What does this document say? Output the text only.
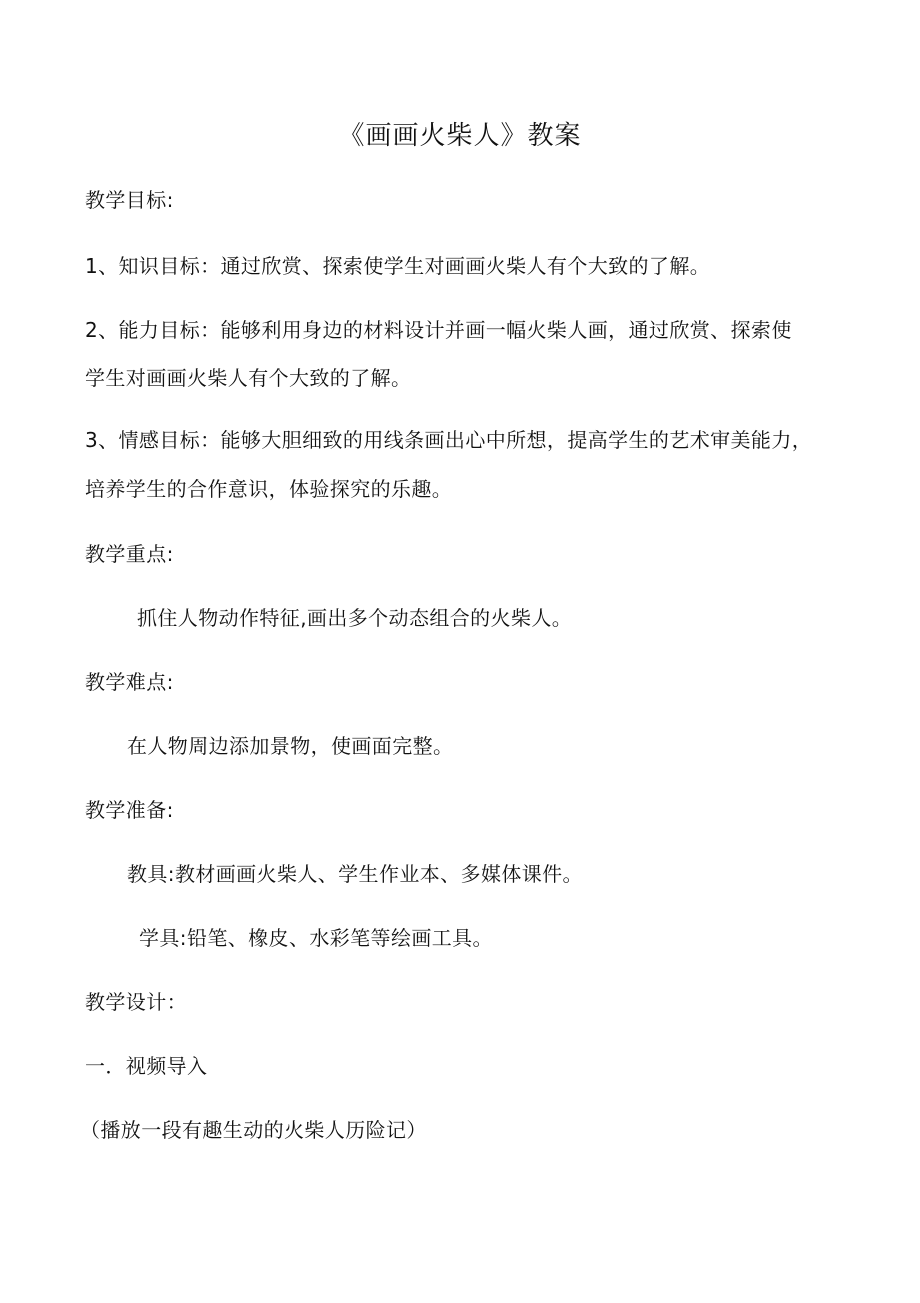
《画画火柴人》教案
教学目标:
1、知识目标：通过欣赏、探索使学生对画画火柴人有个大致的了解。
2、能力目标：能够利用身边的材料设计并画一幅火柴人画，通过欣赏、探索使
学生对画画火柴人有个大致的了解。
3、情感目标：能够大胆细致的用线条画出心中所想，提高学生的艺术审美能力，
培养学生的合作意识，体验探究的乐趣。
教学重点:
抓住人物动作特征,画出多个动态组合的火柴人。
教学难点:
在人物周边添加景物，使画面完整。
教学准备:
教具:教材画画火柴人、学生作业本、多媒体课件。
学具:铅笔、橡皮、水彩笔等绘画工具。
教学设计：
一．视频导入
（播放一段有趣生动的火柴人历险记）
